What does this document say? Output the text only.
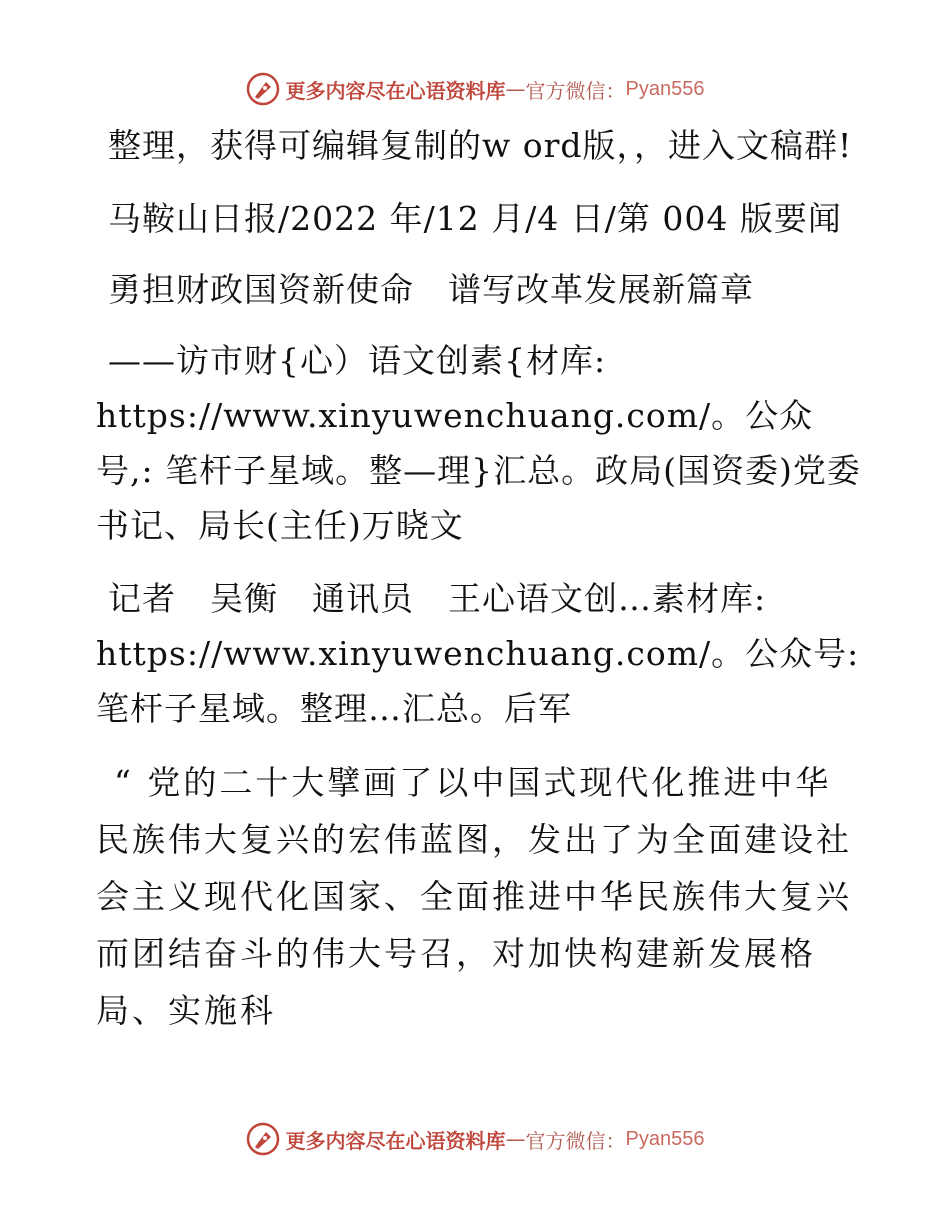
更多内容尽在心语资料库 — 官方微信： Pyan556

整理，获得可编辑复制的w ord版，，进入文稿群!

马鞍山日报/2022 年/12 月/4 日/第 004 版要闻

勇担财政国资新使命　谱写改革发展新篇章

——访市财{心）语文创素{材库: https://www.xinyuwenchuang.com/。公众号,: 笔杆子星域。整—理}汇总。政局(国资委)党委书记、局长(主任)万晓文

记者　吴衡　通讯员　王心语文创…素材库: https://www.xinyuwenchuang.com/。公众号: 笔杆子星域。整理…汇总。后军

“ 党的二十大擘画了以中国式现代化推进中华民族伟大复兴的宏伟蓝图，发出了为全面建设社会主义现代化国家、全面推进中华民族伟大复兴而团结奋斗的伟大号召，对加快构建新发展格局、实施科

更多内容尽在心语资料库 — 官方微信： Pyan556
